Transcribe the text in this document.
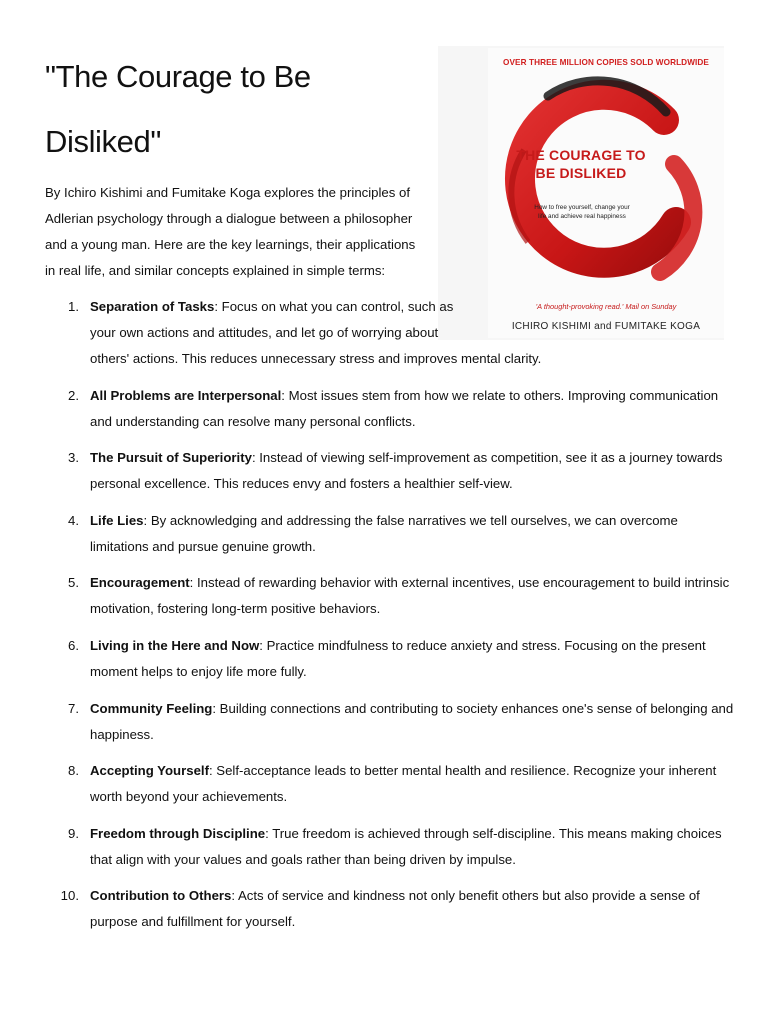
"The Courage to Be Disliked"

By Ichiro Kishimi and Fumitake Koga explores the principles of Adlerian psychology through a dialogue between a philosopher and a young man. Here are the key learnings, their applications in real life, and similar concepts explained in simple terms:

OVER THREE MILLION COPIES SOLD WORLDWIDE
THE COURAGE TO BE DISLIKED
How to free yourself, change your life and achieve real happiness
'A thought-provoking read.' Mail on Sunday
ICHIRO KISHIMI and FUMITAKE KOGA
1. Separation of Tasks: Focus on what you can control, such as your own actions and attitudes, and let go of worrying about others' actions. This reduces unnecessary stress and improves mental clarity.
2. All Problems are Interpersonal: Most issues stem from how we relate to others. Improving communication and understanding can resolve many personal conflicts.
3. The Pursuit of Superiority: Instead of viewing self-improvement as competition, see it as a journey towards personal excellence. This reduces envy and fosters a healthier self-view.
4. Life Lies: By acknowledging and addressing the false narratives we tell ourselves, we can overcome limitations and pursue genuine growth.
5. Encouragement: Instead of rewarding behavior with external incentives, use encouragement to build intrinsic motivation, fostering long-term positive behaviors.
6. Living in the Here and Now: Practice mindfulness to reduce anxiety and stress. Focusing on the present moment helps to enjoy life more fully.
7. Community Feeling: Building connections and contributing to society enhances one's sense of belonging and happiness.
8. Accepting Yourself: Self-acceptance leads to better mental health and resilience. Recognize your inherent worth beyond your achievements.
9. Freedom through Discipline: True freedom is achieved through self-discipline. This means making choices that align with your values and goals rather than being driven by impulse.
10. Contribution to Others: Acts of service and kindness not only benefit others but also provide a sense of purpose and fulfillment for yourself.
